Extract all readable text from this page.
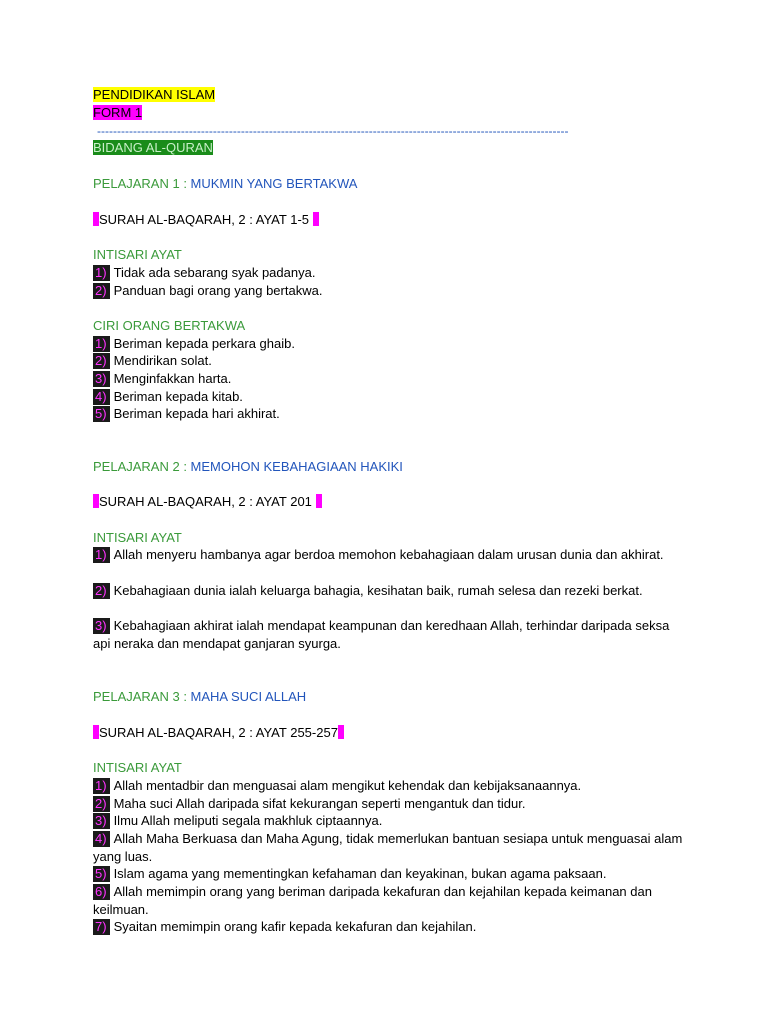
PENDIDIKAN ISLAM

FORM 1

----------------------------------------------------------------------------------------------------------------------

BIDANG AL-QURAN

PELAJARAN 1 : MUKMIN YANG BERTAKWA

SURAH AL-BAQARAH, 2 : AYAT 1-5

INTISARI AYAT

1) Tidak ada sebarang syak padanya.

2) Panduan bagi orang yang bertakwa.

CIRI ORANG BERTAKWA

1) Beriman kepada perkara ghaib.

2) Mendirikan solat.

3) Menginfakkan harta.

4) Beriman kepada kitab.

5) Beriman kepada hari akhirat.

PELAJARAN 2 : MEMOHON KEBAHAGIAAN HAKIKI

SURAH AL-BAQARAH, 2 : AYAT 201

INTISARI AYAT

1) Allah menyeru hambanya agar berdoa memohon kebahagiaan dalam urusan dunia dan akhirat.

2) Kebahagiaan dunia ialah keluarga bahagia, kesihatan baik, rumah selesa dan rezeki berkat.

3) Kebahagiaan akhirat ialah mendapat keampunan dan keredhaan Allah, terhindar daripada seksa api neraka dan mendapat ganjaran syurga.

PELAJARAN 3 : MAHA SUCI ALLAH

SURAH AL-BAQARAH, 2 : AYAT 255-257

INTISARI AYAT

1) Allah mentadbir dan menguasai alam mengikut kehendak dan kebijaksanaannya.

2) Maha suci Allah daripada sifat kekurangan seperti mengantuk dan tidur.

3) Ilmu Allah meliputi segala makhluk ciptaannya.

4) Allah Maha Berkuasa dan Maha Agung, tidak memerlukan bantuan sesiapa untuk menguasai alam yang luas.

5) Islam agama yang mementingkan kefahaman dan keyakinan, bukan agama paksaan.

6) Allah memimpin orang yang beriman daripada kekafuran dan kejahilan kepada keimanan dan keilmuan.

7) Syaitan memimpin orang kafir kepada kekafuran dan kejahilan.
